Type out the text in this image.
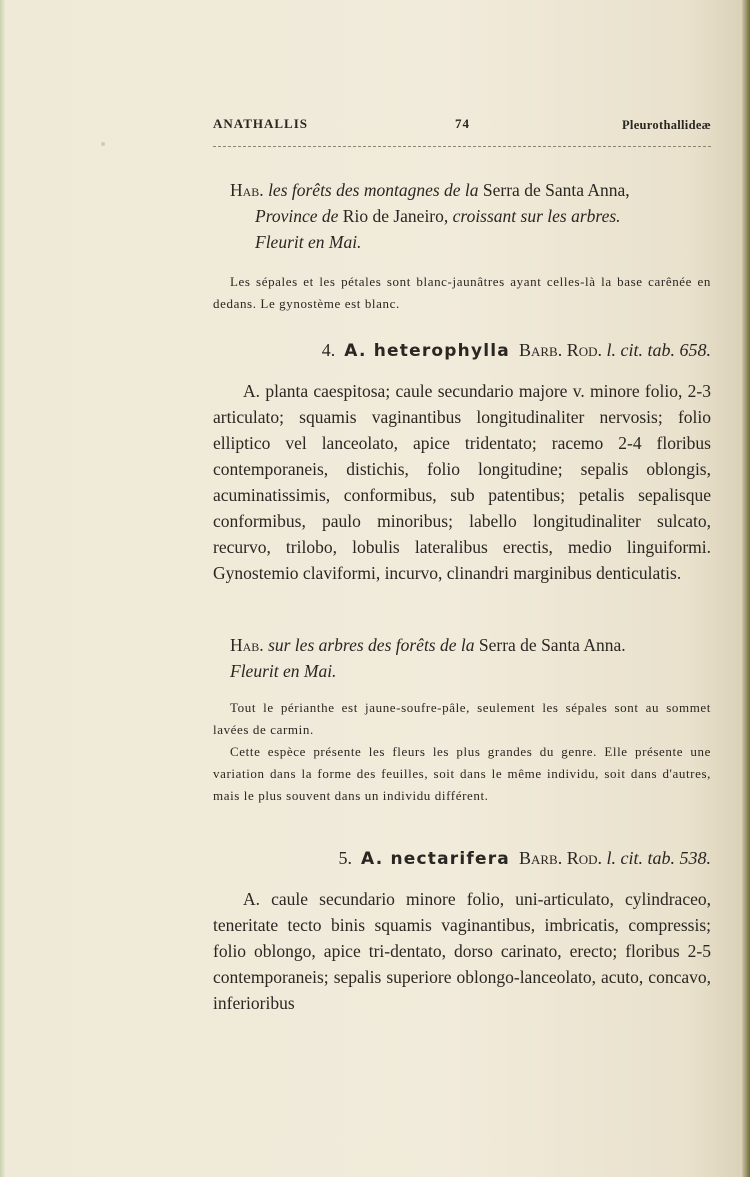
ANATHALLIS	74	Pleurothallideæ

Hab. les forêts des montagnes de la Serra de Santa Anna,

Province de Rio de Janeiro, croissant sur les arbres.

Fleurit en Mai.

Les sépales et les pétales sont blanc-jaunâtres ayant celles-là la base carênée en dedans. Le gynostème est blanc.

4. A. heterophylla Barb. Rod. l. cit. tab. 658.

A. planta caespitosa; caule secundario majore v. minore folio, 2-3 articulato; squamis vaginantibus longitudinaliter nervosis; folio elliptico vel lanceolato, apice tridentato; racemo 2-4 floribus contemporaneis, distichis, folio longitudine; sepalis oblongis, acuminatissimis, conformibus, sub patentibus; petalis sepalisque conformibus, paulo minoribus; labello longitudinaliter sulcato, recurvo, trilobo, lobulis lateralibus erectis, medio linguiformi. Gynostemio claviformi, incurvo, clinandri marginibus denticulatis.

Hab. sur les arbres des forêts de la Serra de Santa Anna.

Fleurit en Mai.

Tout le périanthe est jaune-soufre-pâle, seulement les sépales sont au sommet lavées de carmin.

Cette espèce présente les fleurs les plus grandes du genre. Elle présente une variation dans la forme des feuilles, soit dans le même individu, soit dans d'autres, mais le plus souvent dans un individu différent.

5. A. nectarifera Barb. Rod. l. cit. tab. 538.

A. caule secundario minore folio, uni-articulato, cylindraceo, teneritate tecto binis squamis vaginantibus, imbricatis, compressis; folio oblongo, apice tri-dentato, dorso carinato, erecto; floribus 2-5 contemporaneis; sepalis superiore oblongo-lanceolato, acuto, concavo, inferioribus
